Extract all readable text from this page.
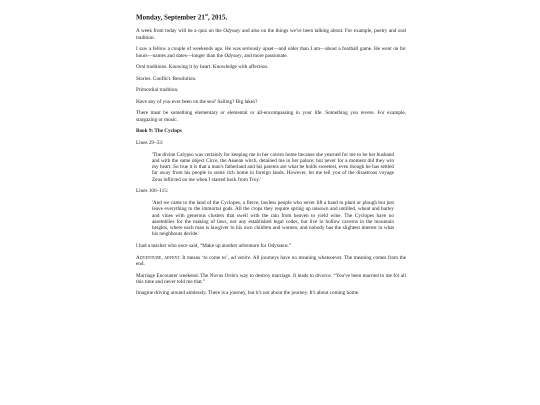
Monday, September 21st, 2015.

A week from today will be a quiz on the Odyssey and also on the things we've been talking about. For example, poetry and oral tradition.

I saw a fellow a couple of weekends ago. He was seriously upset—and older than I am—about a football game. He went on for hours—names and dates—longer than the Odyssey, and more passionate.

Oral traditions. Knowing it by heart. Knowledge with affection.

Stories. Conflict. Resolution.

Primordial tradition.

Have any of you ever been on the sea? Sailing? Big lakes?

There must be something elementary or elemental or all-encompassing in your life. Something you revere. For example, stargazing or music.

Book 9: The Cyclops

Lines 29–33:

'The divine Calypso was certainly for keeping me in her cavern home because she yearned for me to be her husband and with the same object Circe, the Aeaean witch, detained me in her palace; but never for a moment did they win my heart. So true it is that a man's fatherland and his parents are what he holds sweetest, even though he has settled far away from his people in some rich home in foreign lands. However, let me tell you of the disastrous voyage Zeus inflicted on me when I started back from Troy.'

Lines 106–115:

'And we came to the land of the Cyclopes, a fierce, lawless people who never lift a hand to plant or plough but just leave everything to the immortal gods. All the crops they require spring up unsown and untilled, wheat and barley and vines with generous clusters that swell with the rain from heaven to yield wine. The Cyclopes have no assemblies for the making of laws, nor any established legal codes, but live in hollow caverns in the mountain heights, where each man is lawgiver to his own children and women, and nobody has the slightest interest in what his neighbours decide.'

I had a teacher who once said, “Make up another adventure for Odysseus.”

Adventure, advent. It means ‘to come to’, ad venire. All journeys have no meaning whatsoever. The meaning comes from the end.

Marriage Encounter weekend. The Novus Ordo's way to destroy marriage. It leads to divorce. “You've been married to me for all this time and never told me that.”

Imagine driving around aimlessly. There is a journey, but it's not about the journey. It's about coming home.
